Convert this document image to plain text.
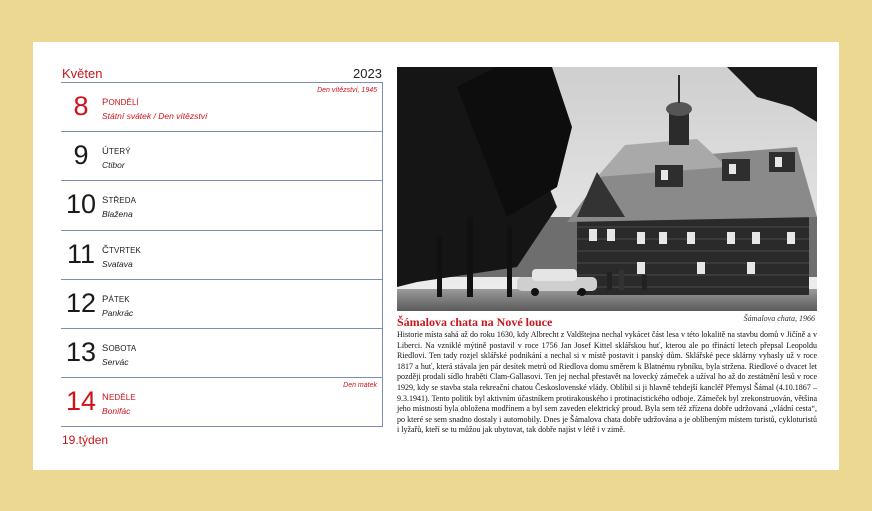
Květen	2023
8	PONDĚLÍ
Státní svátek / Den vítězství
Den vítězství, 1945
9	ÚTERÝ
Ctibor
10 STŘEDA
Blažena
11 ČTVRTEK
Svatava
12 PÁTEK
Pankrác
13 SOBOTA
Servác
14 NEDĚLE
Bonifác
Den matek
19.týden
Šámalova chata, 1966
Šámalova chata na Nové louce
Historie místa sahá až do roku 1630, kdy Albrecht z Valdštejna nechal vykácet část lesa v této lokalitě na stavbu domů v Jičíně a v Liberci. Na vzniklé mýtině postavil v roce 1756 Jan Josef Kittel sklářskou huť, kterou ale po třináctí letech přepsal Leopoldu Riedlovi. Ten tady rozjel sklářské podnikání a nechal si v místě postavit i panský dům. Sklářské pece sklárny vyhasly už v roce 1817 a huť, která stávala jen pár desítek metrů od Riedlova domu směrem k Blatnému rybníku, byla stržena. Riedlové o dvacet let později prodali sídlo hraběti Clam-Gallasovi. Ten jej nechal přestavět na lovecký zámeček a užíval ho až do zestátnění lesů v roce 1929, kdy se stavba stala rekreační chatou Československé vlády. Oblíbil si ji hlavně tehdejší kancléř Přemysl Šámal (4.10.1867 – 9.3.1941). Tento politik byl aktivním účastníkem protirakouského i protinacistického odboje. Zámeček byl zrekonstruován, většina jeho místností byla obložena modřínem a byl sem zaveden elektrický proud. Byla sem též zřízena dobře udržovaná „vládní cesta“, po které se sem snadno dostaly i automobily. Dnes je Šámalova chata dobře udržována a je oblíbeným místem turistů, cykloturistů i lyžařů, kteří se tu můžou jak ubytovat, tak dobře najíst v létě i v zimě.
